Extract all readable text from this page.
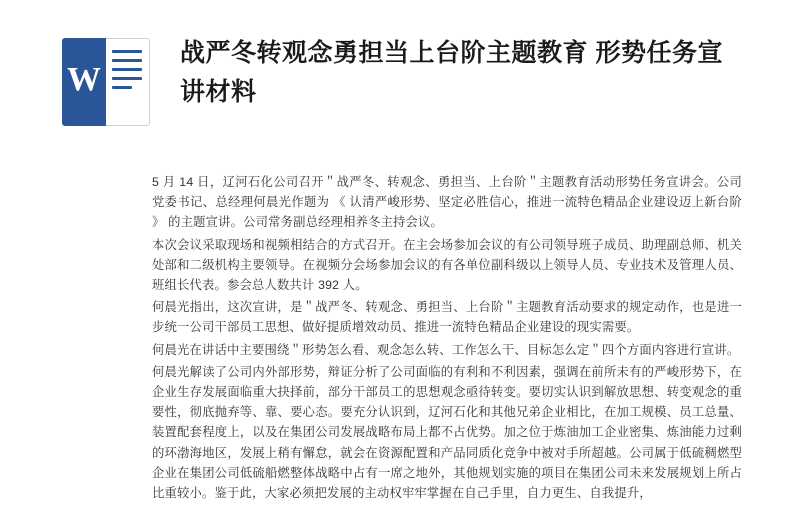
W
战严冬转观念勇担当上台阶主题教育 形势任务宣讲材料

5 月 14 日，辽河石化公司召开＂战严冬、转观念、勇担当、上台阶＂主题教育活动形势任务宣讲会。公司党委书记、总经理何晨光作题为 《 认清严峻形势、坚定必胜信心，推进一流特色精品企业建设迈上新台阶 》 的主题宣讲。公司常务副总经理相养冬主持会议。

本次会议采取现场和视频相结合的方式召开。在主会场参加会议的有公司领导班子成员、助理副总师、机关处部和二级机构主要领导。在视频分会场参加会议的有各单位副科级以上领导人员、专业技术及管理人员、班组长代表。参会总人数共计 392 人。

何晨光指出，这次宣讲，是＂战严冬、转观念、勇担当、上台阶＂主题教育活动要求的规定动作，也是进一步统一公司干部员工思想、做好提质增效动员、推进一流特色精品企业建设的现实需要。

何晨光在讲话中主要围绕＂形势怎么看、观念怎么转、工作怎么干、目标怎么定＂四个方面内容进行宣讲。

何晨光解读了公司内外部形势，辩证分析了公司面临的有利和不利因素，强调在前所未有的严峻形势下，在企业生存发展面临重大抉择前，部分干部员工的思想观念亟待转变。要切实认识到解放思想、转变观念的重要性，彻底抛弃等、靠、要心态。要充分认识到，辽河石化和其他兄弟企业相比，在加工规模、员工总量、装置配套程度上，以及在集团公司发展战略布局上都不占优势。加之位于炼油加工企业密集、炼油能力过剩的环渤海地区，发展上稍有懈怠，就会在资源配置和产品同质化竞争中被对手所超越。公司属于低硫稠燃型企业在集团公司低硫船燃整体战略中占有一席之地外，其他规划实施的项目在集团公司未来发展规划上所占比重较小。鉴于此，大家必须把发展的主动权牢牢掌握在自己手里，自力更生、自我提升，
